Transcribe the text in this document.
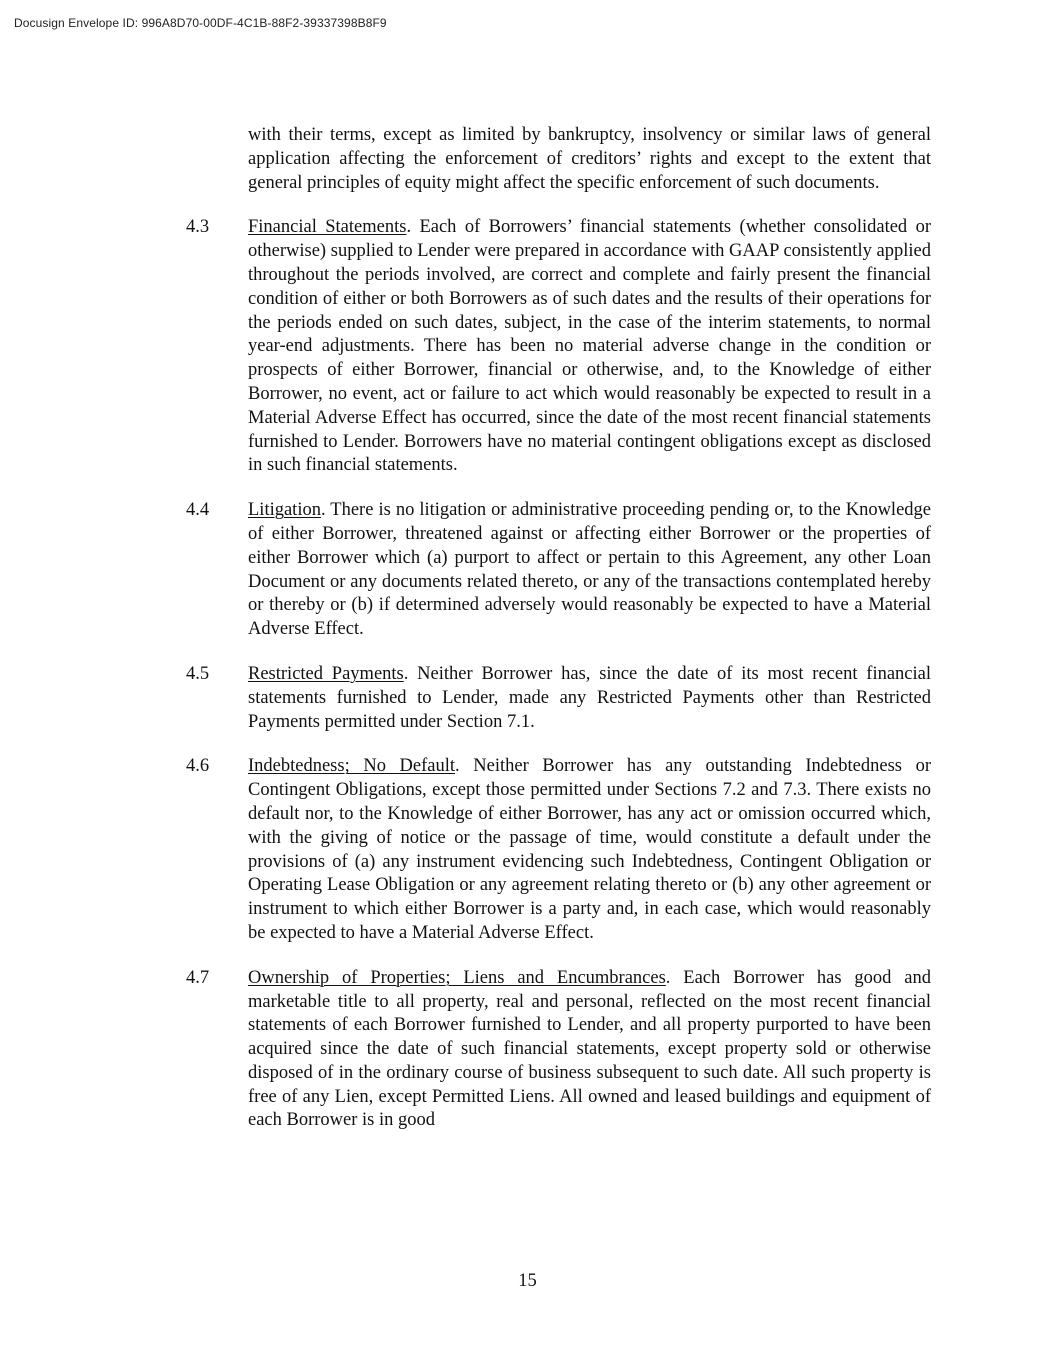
Docusign Envelope ID: 996A8D70-00DF-4C1B-88F2-39337398B8F9

with their terms, except as limited by bankruptcy, insolvency or similar laws of general application affecting the enforcement of creditors’ rights and except to the extent that general principles of equity might affect the specific enforcement of such documents.

4.3 Financial Statements. Each of Borrowers’ financial statements (whether consolidated or otherwise) supplied to Lender were prepared in accordance with GAAP consistently applied throughout the periods involved, are correct and complete and fairly present the financial condition of either or both Borrowers as of such dates and the results of their operations for the periods ended on such dates, subject, in the case of the interim statements, to normal year-end adjustments. There has been no material adverse change in the condition or prospects of either Borrower, financial or otherwise, and, to the Knowledge of either Borrower, no event, act or failure to act which would reasonably be expected to result in a Material Adverse Effect has occurred, since the date of the most recent financial statements furnished to Lender. Borrowers have no material contingent obligations except as disclosed in such financial statements.

4.4 Litigation. There is no litigation or administrative proceeding pending or, to the Knowledge of either Borrower, threatened against or affecting either Borrower or the properties of either Borrower which (a) purport to affect or pertain to this Agreement, any other Loan Document or any documents related thereto, or any of the transactions contemplated hereby or thereby or (b) if determined adversely would reasonably be expected to have a Material Adverse Effect.

4.5 Restricted Payments. Neither Borrower has, since the date of its most recent financial statements furnished to Lender, made any Restricted Payments other than Restricted Payments permitted under Section 7.1.

4.6 Indebtedness; No Default. Neither Borrower has any outstanding Indebtedness or Contingent Obligations, except those permitted under Sections 7.2 and 7.3. There exists no default nor, to the Knowledge of either Borrower, has any act or omission occurred which, with the giving of notice or the passage of time, would constitute a default under the provisions of (a) any instrument evidencing such Indebtedness, Contingent Obligation or Operating Lease Obligation or any agreement relating thereto or (b) any other agreement or instrument to which either Borrower is a party and, in each case, which would reasonably be expected to have a Material Adverse Effect.

4.7 Ownership of Properties; Liens and Encumbrances. Each Borrower has good and marketable title to all property, real and personal, reflected on the most recent financial statements of each Borrower furnished to Lender, and all property purported to have been acquired since the date of such financial statements, except property sold or otherwise disposed of in the ordinary course of business subsequent to such date. All such property is free of any Lien, except Permitted Liens. All owned and leased buildings and equipment of each Borrower is in good

15
